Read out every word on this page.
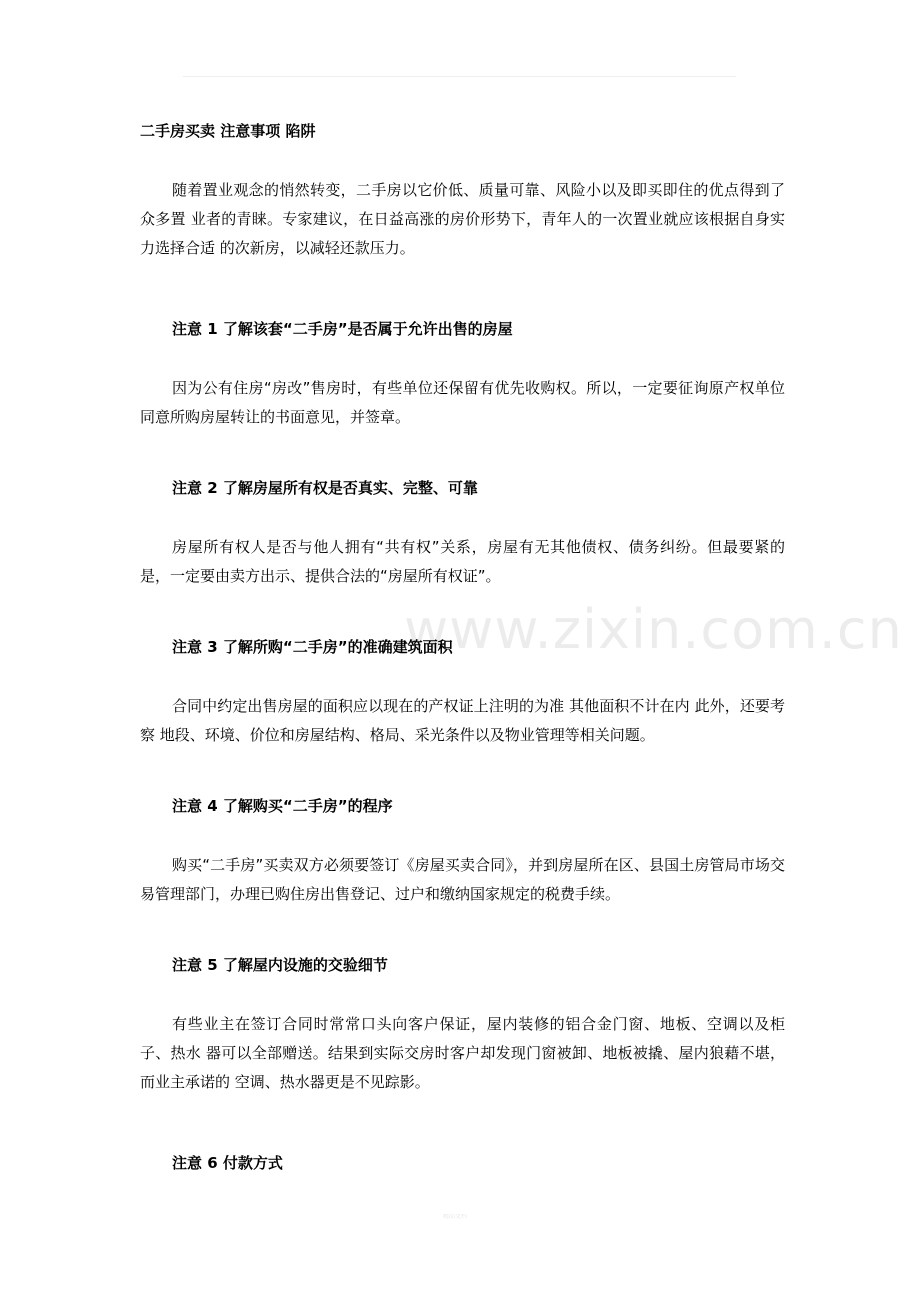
二手房买卖 注意事项 陷阱

随着置业观念的悄然转变，二手房以它价低、质量可靠、风险小以及即买即住的优点得到了众多置 业者的青睐。专家建议，在日益高涨的房价形势下，青年人的一次置业就应该根据自身实力选择合适 的次新房，以减轻还款压力。

注意 1 了解该套“二手房”是否属于允许出售的房屋

因为公有住房“房改”售房时，有些单位还保留有优先收购权。所以，一定要征询原产权单位同意所购房屋转让的书面意见，并签章。

注意 2 了解房屋所有权是否真实、完整、可靠

房屋所有权人是否与他人拥有“共有权”关系，房屋有无其他债权、债务纠纷。但最要紧的是，一定要由卖方出示、提供合法的“房屋所有权证”。

注意 3 了解所购“二手房”的准确建筑面积

合同中约定出售房屋的面积应以现在的产权证上注明的为准 其他面积不计在内 此外，还要考察 地段、环境、价位和房屋结构、格局、采光条件以及物业管理等相关问题。

注意 4 了解购买“二手房”的程序

购买“二手房”买卖双方必须要签订《房屋买卖合同》，并到房屋所在区、县国土房管局市场交易管理部门，办理已购住房出售登记、过户和缴纳国家规定的税费手续。

注意 5 了解屋内设施的交验细节

有些业主在签订合同时常常口头向客户保证，屋内装修的铝合金门窗、地板、空调以及柜子、热水 器可以全部赠送。结果到实际交房时客户却发现门窗被卸、地板被撬、屋内狼藉不堪，而业主承诺的 空调、热水器更是不见踪影。

注意 6 付款方式
www.zixin.com.cn
精品文档
